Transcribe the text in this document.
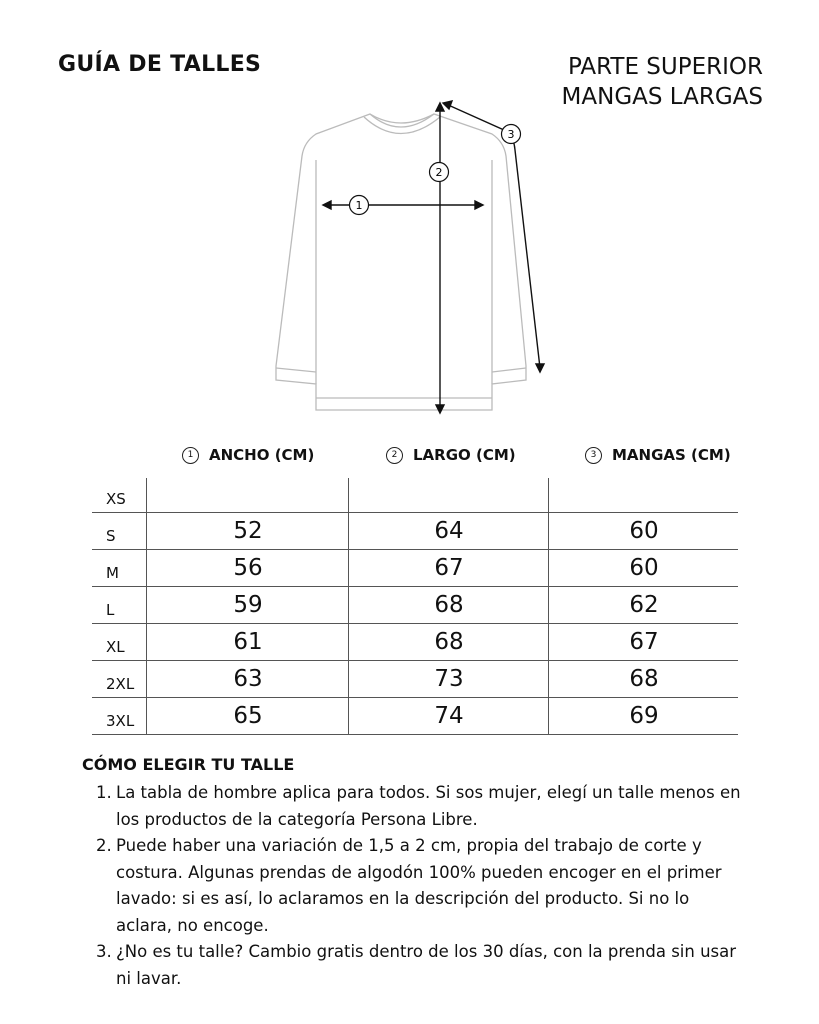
GUÍA DE TALLES	PARTE SUPERIOR
MANGAS LARGAS
1
2
3
1	ANCHO (CM)	2	LARGO (CM)	3	MANGAS (CM)
XS
S	52	64	60
M	56	67	60
L	59	68	62
XL	61	68	67
2XL	63	73	68
3XL	65	74	69
CÓMO ELEGIR TU TALLE
1. La tabla de hombre aplica para todos. Si sos mujer, elegí un talle menos en los productos de la categoría Persona Libre.
2. Puede haber una variación de 1,5 a 2 cm, propia del trabajo de corte y costura. Algunas prendas de algodón 100% pueden encoger en el primer lavado: si es así, lo aclaramos en la descripción del producto. Si no lo aclara, no encoge.
3. ¿No es tu talle? Cambio gratis dentro de los 30 días, con la prenda sin usar ni lavar.
